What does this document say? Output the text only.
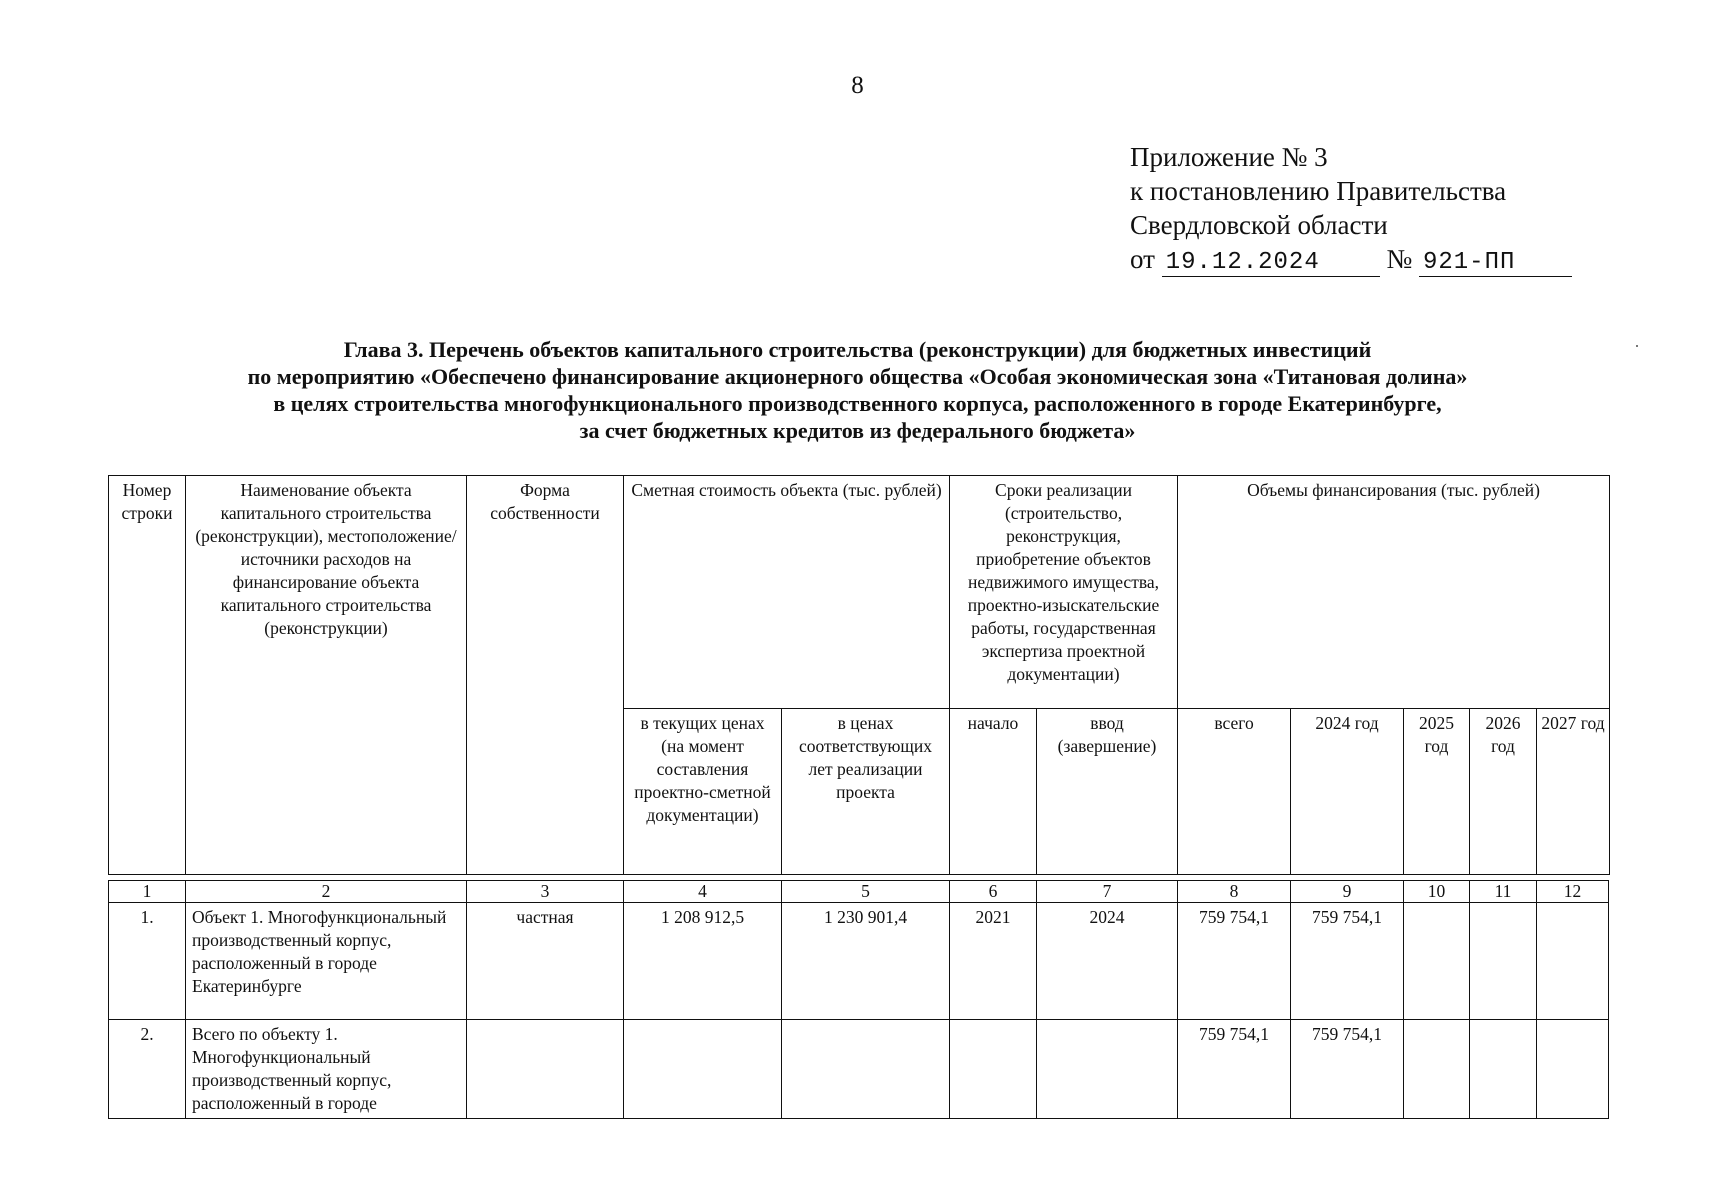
8
Приложение № 3
к постановлению Правительства
Свердловской области
от 19.12.2024 № 921-ПП
Глава 3. Перечень объектов капитального строительства (реконструкции) для бюджетных инвестиций
по мероприятию «Обеспечено финансирование акционерного общества «Особая экономическая зона «Титановая долина»
в целях строительства многофункционального производственного корпуса, расположенного в городе Екатеринбурге,
за счет бюджетных кредитов из федерального бюджета»
Номер строки	Наименование объекта капитального строительства (реконструкции), местоположение/источники расходов на финансирование объекта капитального строительства (реконструкции)	Форма собственности	Сметная стоимость объекта (тыс. рублей)		Сроки реализации (строительство, реконструкция, приобретение объектов недвижимого имущества, проектно-изыскательские работы, государственная экспертиза проектной документации)		Объемы финансирования (тыс. рублей)				
			в текущих ценах (на момент составления проектно-сметной документации)	в ценах соответствующих лет реализации проекта	начало	ввод (завершение)	всего	2024 год	2025 год	2026 год	2027 год
1	2	3	4	5	6	7	8	9	10	11	12
1.	Объект 1. Многофункциональный производственный корпус, расположенный в городе Екатеринбурге	частная	1 208 912,5	1 230 901,4	2021	2024	759 754,1	759 754,1			
2.	Всего по объекту 1. Многофункциональный производственный корпус, расположенный в городе						759 754,1	759 754,1			
